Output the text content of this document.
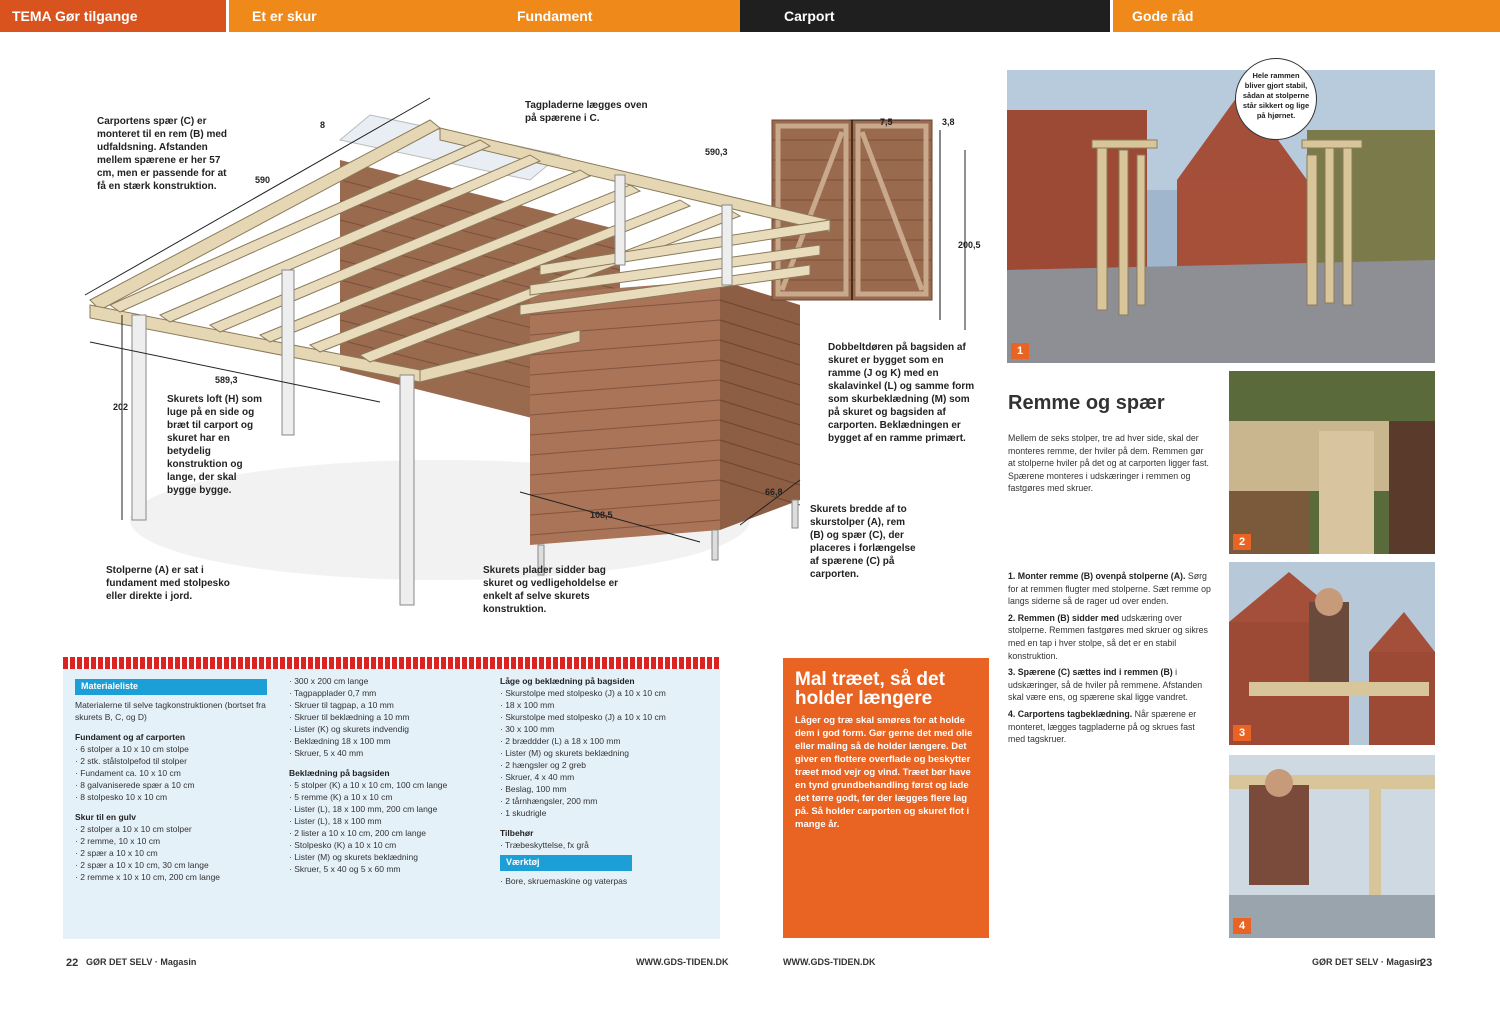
TEMA Gør tilgange	Et er skur	Fundament	Carport	Gode råd
8
590
589,3
202
108,5
66,8
7,5	3,8
200,5
590,3
Carportens spær (C) er monteret til en rem (B) med udfaldsning. Afstanden mellem spærene er her 57 cm, men er passende for at få en stærk konstruktion.
Tagpladerne lægges oven på spærene i C.
Dobbeltdøren på bagsiden af skuret er bygget som en ramme (J og K) med en skalavinkel (L) og samme form som skurbeklædning (M) som på skuret og bagsiden af carporten. Beklædningen er bygget af en ramme primært.
Skurets loft (H) som luge på en side og bræt til carport og skuret har en betydelig konstruktion og lange, der skal bygge bygge.
Stolperne (A) er sat i fundament med stolpesko eller direkte i jord.
Skurets plader sidder bag skuret og vedligeholdelse er enkelt af selve skurets konstruktion.
Skurets bredde af to skurstolper (A), rem (B) og spær (C), der placeres i forlængelse af spærene (C) på carporten.
Materialeliste

Materialerne til selve tagkonstruktionen (bortset fra skurets B, C, og D)

Fundament og af carporten

· 6 stolper a 10 x 10 cm stolpe

· 2 stk. stålstolpefod til stolper

· Fundament ca. 10 x 10 cm

· 8 galvaniserede spær a 10 cm

· 8 stolpesko 10 x 10 cm

Skur til en gulv

· 2 stolper a 10 x 10 cm stolper

· 2 remme, 10 x 10 cm

· 2 spær a 10 x 10 cm

· 2 spær a 10 x 10 cm, 30 cm lange

· 2 remme x 10 x 10 cm, 200 cm lange

· 300 x 200 cm lange

· Tagpapplader 0,7 mm

· Skruer til tagpap, a 10 mm

· Skruer til beklædning a 10 mm

· Lister (K) og skurets indvendig

· Beklædning 18 x 100 mm

· Skruer, 5 x 40 mm

Beklædning på bagsiden

· 5 stolper (K) a 10 x 10 cm, 100 cm lange

· 5 remme (K) a 10 x 10 cm

· Lister (L), 18 x 100 mm, 200 cm lange

· Lister (L), 18 x 100 mm

· 2 lister a 10 x 10 cm, 200 cm lange

· Stolpesko (K) a 10 x 10 cm

· Lister (M) og skurets beklædning

· Skruer, 5 x 40 og 5 x 60 mm

Låge og beklædning på bagsiden

· Skurstolpe med stolpesko (J) a 10 x 10 cm

· 18 x 100 mm

· Skurstolpe med stolpesko (J) a 10 x 10 cm

· 30 x 100 mm

· 2 bræddder (L) a 18 x 100 mm

· Lister (M) og skurets beklædning

· 2 hængsler og 2 greb

· Skruer, 4 x 40 mm

· Beslag, 100 mm

· 2 tårnhængsler, 200 mm

· 1 skudrigle

Tilbehør

· Træbeskyttelse, fx grå

Værktøj

· Bore, skruemaskine og vaterpas

Mal træet, så det holder længere
Låger og træ skal smøres for at holde dem i god form. Gør gerne det med olie eller maling så de holder længere. Det giver en flottere overflade og beskytter træet mod vejr og vind. Træet bør have en tynd grundbehandling først og lade det tørre godt, før der lægges flere lag på. Så holder carporten og skuret flot i mange år.
1
Hele rammen bliver gjort stabil, sådan at stolperne står sikkert og lige på hjørnet.
2
3
4
Remme og spær
Mellem de seks stolper, tre ad hver side, skal der monteres remme, der hviler på dem. Remmen gør at stolperne hviler på det og at carporten ligger fast. Spærene monteres i udskæringer i remmen og fastgøres med skruer.

1. Monter remme (B) ovenpå stolperne (A). Sørg for at remmen flugter med stolperne. Sæt remme op langs siderne så de rager ud over enden.

2. Remmen (B) sidder med udskæring over stolperne. Remmen fastgøres med skruer og sikres med en tap i hver stolpe, så det er en stabil konstruktion.

3. Spærene (C) sættes ind i remmen (B) i udskæringer, så de hviler på remmene. Afstanden skal være ens, og spærene skal ligge vandret.

4. Carportens tagbeklædning. Når spærene er monteret, lægges tagpladerne på og skrues fast med tagskruer.

22 GØR DET SELV · Magasin	WWW.GDS-TIDEN.DK	WWW.GDS-TIDEN.DK	GØR DET SELV · Magasin
23
